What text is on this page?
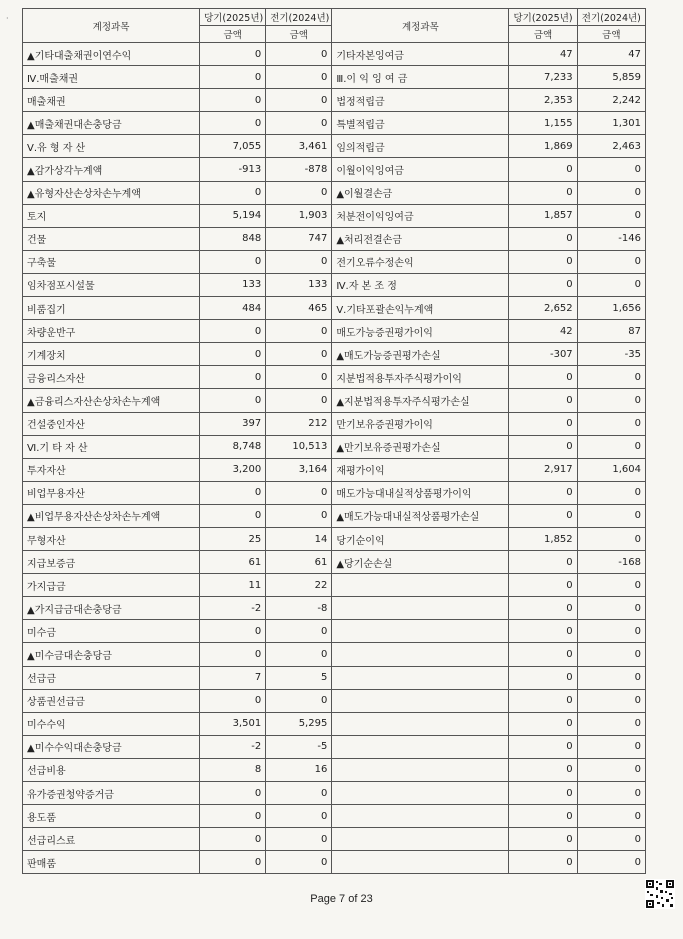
·
계정과목	당기(2025년)	전기(2024년)	계정과목	당기(2025년)	전기(2024년)
	금액	금액		금액	금액
▲기타대출채권이연수익	0	0	기타자본잉여금	47	47
Ⅳ.매출채권	0	0	Ⅲ.이 익 잉 여 금	7,233	5,859
매출채권	0	0	법정적립금	2,353	2,242
▲매출채권대손충당금	0	0	특별적립금	1,155	1,301
Ⅴ.유 형 자 산	7,055	3,461	임의적립금	1,869	2,463
▲감가상각누계액	-913	-878	이월이익잉여금	0	0
▲유형자산손상차손누계액	0	0	▲이월결손금	0	0
토지	5,194	1,903	처분전이익잉여금	1,857	0
건물	848	747	▲처리전결손금	0	-146
구축물	0	0	전기오류수정손익	0	0
임차점포시설물	133	133	Ⅳ.자 본 조 정	0	0
비품집기	484	465	Ⅴ.기타포괄손익누계액	2,652	1,656
차량운반구	0	0	매도가능증권평가이익	42	87
기계장치	0	0	▲매도가능증권평가손실	-307	-35
금융리스자산	0	0	지분법적용투자주식평가이익	0	0
▲금융리스자산손상차손누계액	0	0	▲지분법적용투자주식평가손실	0	0
건설중인자산	397	212	만기보유증권평가이익	0	0
Ⅵ.기 타 자 산	8,748	10,513	▲만기보유증권평가손실	0	0
투자자산	3,200	3,164	재평가이익	2,917	1,604
비업무용자산	0	0	매도가능대내실적상품평가이익	0	0
▲비업무용자산손상차손누계액	0	0	▲매도가능대내실적상품평가손실	0	0
무형자산	25	14	당기순이익	1,852	0
지급보증금	61	61	▲당기순손실	0	-168
가지급금	11	22		0	0
▲가지급금대손충당금	-2	-8		0	0
미수금	0	0		0	0
▲미수금대손충당금	0	0		0	0
선급금	7	5		0	0
상품권선급금	0	0		0	0
미수수익	3,501	5,295		0	0
▲미수수익대손충당금	-2	-5		0	0
선급비용	8	16		0	0
유가증권청약증거금	0	0		0	0
용도품	0	0		0	0
선급리스료	0	0		0	0
판매품	0	0		0	0
Page 7 of 23
